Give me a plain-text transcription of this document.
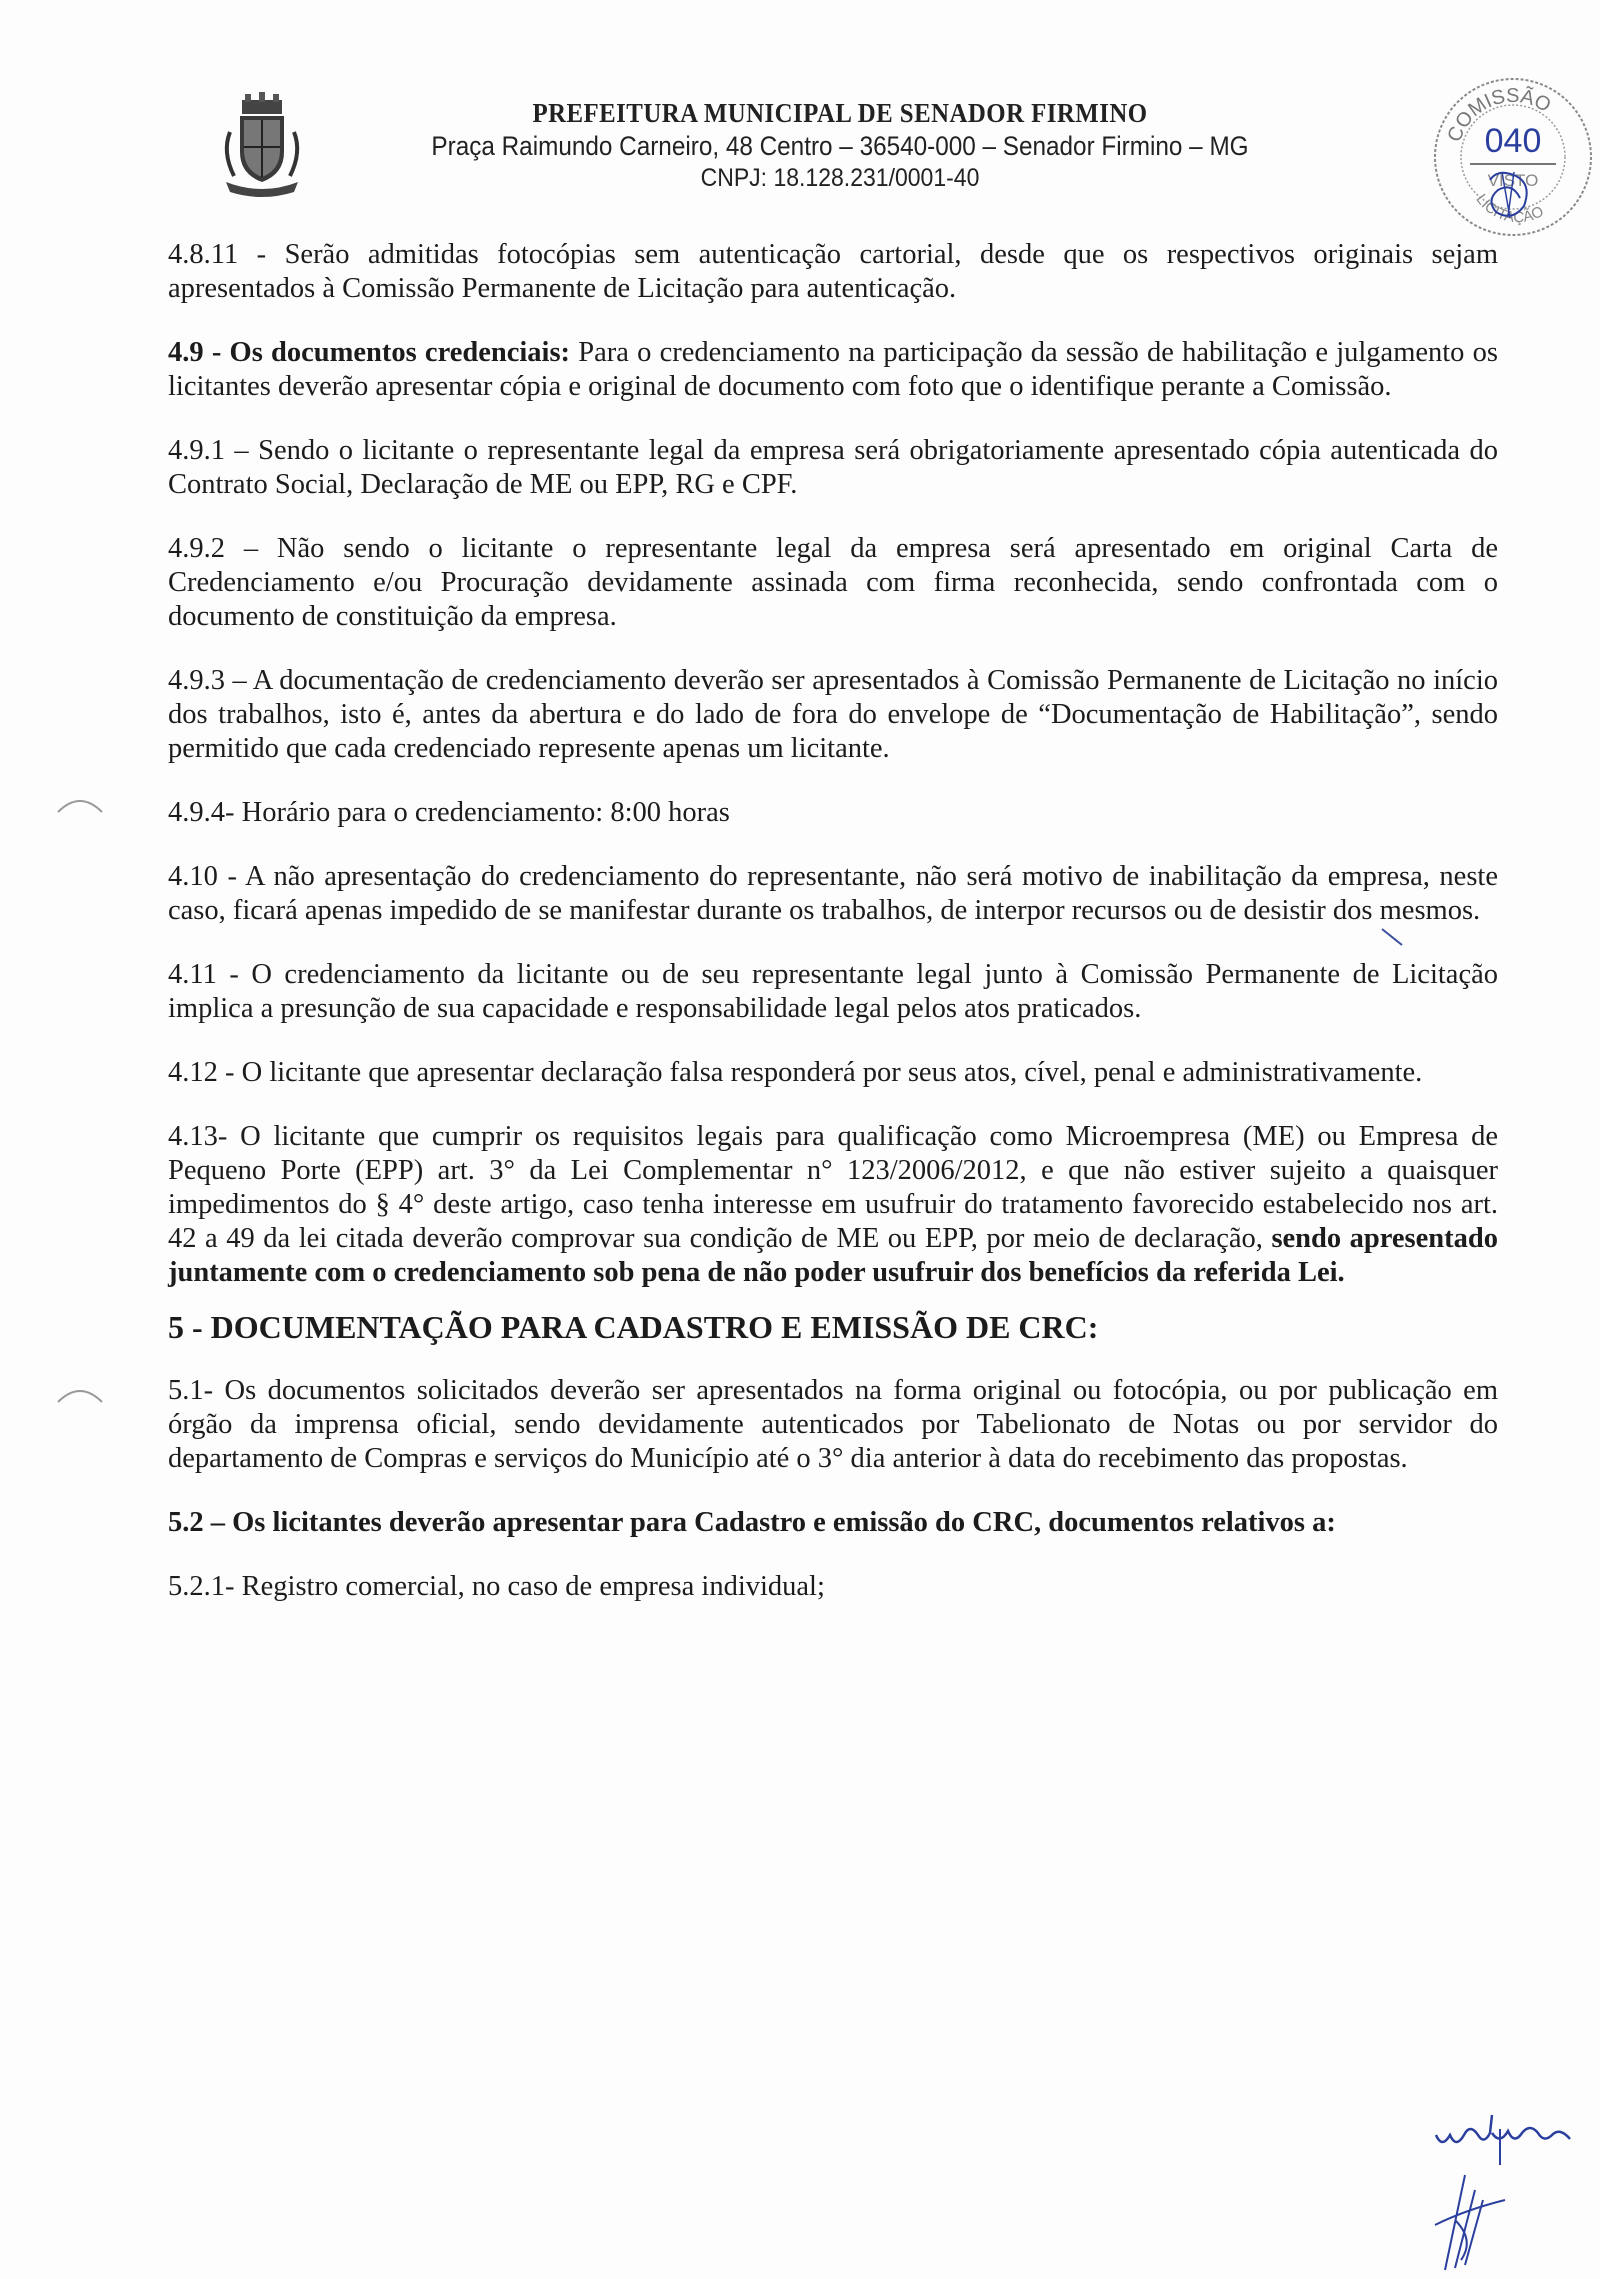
PREFEITURA MUNICIPAL DE SENADOR FIRMINO
Praça Raimundo Carneiro, 48 Centro – 36540-000 – Senador Firmino – MG
CNPJ: 18.128.231/0001-40
COMISSÃO
040
VISTO
LICITAÇÃO

4.8.11 - Serão admitidas fotocópias sem autenticação cartorial, desde que os respectivos originais sejam apresentados à Comissão Permanente de Licitação para autenticação.

4.9 - Os documentos credenciais: Para o credenciamento na participação da sessão de habilitação e julgamento os licitantes deverão apresentar cópia e original de documento com foto que o identifique perante a Comissão.

4.9.1 – Sendo o licitante o representante legal da empresa será obrigatoriamente apresentado cópia autenticada do Contrato Social, Declaração de ME ou EPP, RG e CPF.

4.9.2 – Não sendo o licitante o representante legal da empresa será apresentado em original Carta de Credenciamento e/ou Procuração devidamente assinada com firma reconhecida, sendo confrontada com o documento de constituição da empresa.

4.9.3 – A documentação de credenciamento deverão ser apresentados à Comissão Permanente de Licitação no início dos trabalhos, isto é, antes da abertura e do lado de fora do envelope de “Documentação de Habilitação”, sendo permitido que cada credenciado represente apenas um licitante.

4.9.4- Horário para o credenciamento: 8:00 horas

4.10 - A não apresentação do credenciamento do representante, não será motivo de inabilitação da empresa, neste caso, ficará apenas impedido de se manifestar durante os trabalhos, de interpor recursos ou de desistir dos mesmos.

4.11 - O credenciamento da licitante ou de seu representante legal junto à Comissão Permanente de Licitação implica a presunção de sua capacidade e responsabilidade legal pelos atos praticados.

4.12 - O licitante que apresentar declaração falsa responderá por seus atos, cível, penal e administrativamente.

4.13- O licitante que cumprir os requisitos legais para qualificação como Microempresa (ME) ou Empresa de Pequeno Porte (EPP) art. 3° da Lei Complementar n° 123/2006/2012, e que não estiver sujeito a quaisquer impedimentos do § 4° deste artigo, caso tenha interesse em usufruir do tratamento favorecido estabelecido nos art. 42 a 49 da lei citada deverão comprovar sua condição de ME ou EPP, por meio de declaração, sendo apresentado juntamente com o credenciamento sob pena de não poder usufruir dos benefícios da referida Lei.

5 - DOCUMENTAÇÃO PARA CADASTRO E EMISSÃO DE CRC:

5.1- Os documentos solicitados deverão ser apresentados na forma original ou fotocópia, ou por publicação em órgão da imprensa oficial, sendo devidamente autenticados por Tabelionato de Notas ou por servidor do departamento de Compras e serviços do Município até o 3° dia anterior à data do recebimento das propostas.

5.2 – Os licitantes deverão apresentar para Cadastro e emissão do CRC, documentos relativos a:

5.2.1- Registro comercial, no caso de empresa individual;
